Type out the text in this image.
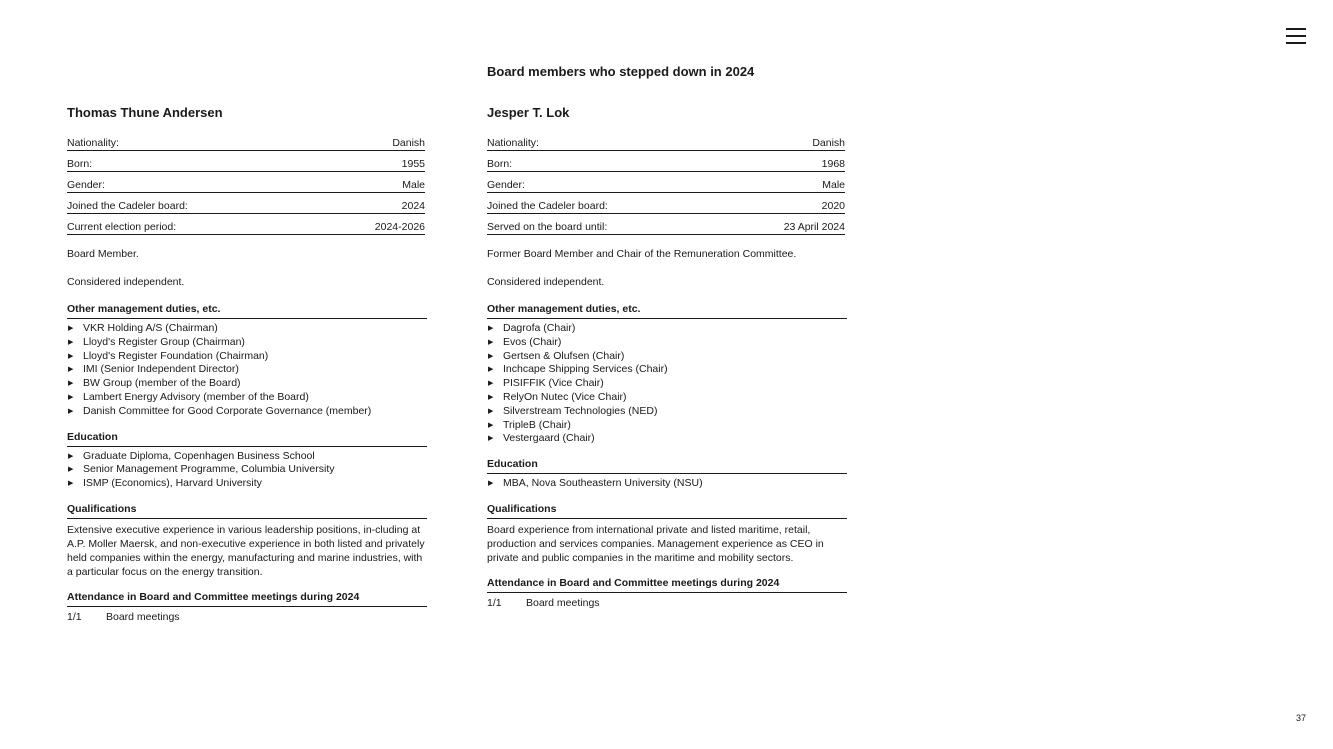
Board members who stepped down in 2024
Thomas Thune Andersen
Nationality:	Danish
Born:	1955
Gender:	Male
Joined the Cadeler board:	2024
Current election period:	2024-2026

Board Member.

Considered independent.

Other management duties, etc.
▶ VKR Holding A/S (Chairman)
▶ Lloyd's Register Group (Chairman)
▶ Lloyd's Register Foundation (Chairman)
▶ IMI (Senior Independent Director)
▶ BW Group (member of the Board)
▶ Lambert Energy Advisory (member of the Board)
▶ Danish Committee for Good Corporate Governance (member)
Education
▶ Graduate Diploma, Copenhagen Business School
▶ Senior Management Programme, Columbia University
▶ ISMP (Economics), Harvard University
Qualifications

Extensive executive experience in various leadership positions, in-cluding at A.P. Moller Maersk, and non-executive experience in both listed and privately held companies within the energy, manufacturing and marine industries, with a particular focus on the energy transition.

Attendance in Board and Committee meetings during 2024
1/1 Board meetings
Jesper T. Lok
Nationality:	Danish
Born:	1968
Gender:	Male
Joined the Cadeler board:	2020
Served on the board until:	23 April 2024

Former Board Member and Chair of the Remuneration Committee.

Considered independent.

Other management duties, etc.
▶ Dagrofa (Chair)
▶ Evos (Chair)
▶ Gertsen & Olufsen (Chair)
▶ Inchcape Shipping Services (Chair)
▶ PISIFFIK (Vice Chair)
▶ RelyOn Nutec (Vice Chair)
▶ Silverstream Technologies (NED)
▶ TripleB (Chair)
▶ Vestergaard (Chair)
Education
▶ MBA, Nova Southeastern University (NSU)
Qualifications

Board experience from international private and listed maritime, retail, production and services companies. Management experience as CEO in private and public companies in the maritime and mobility sectors.

Attendance in Board and Committee meetings during 2024
1/1 Board meetings
37
